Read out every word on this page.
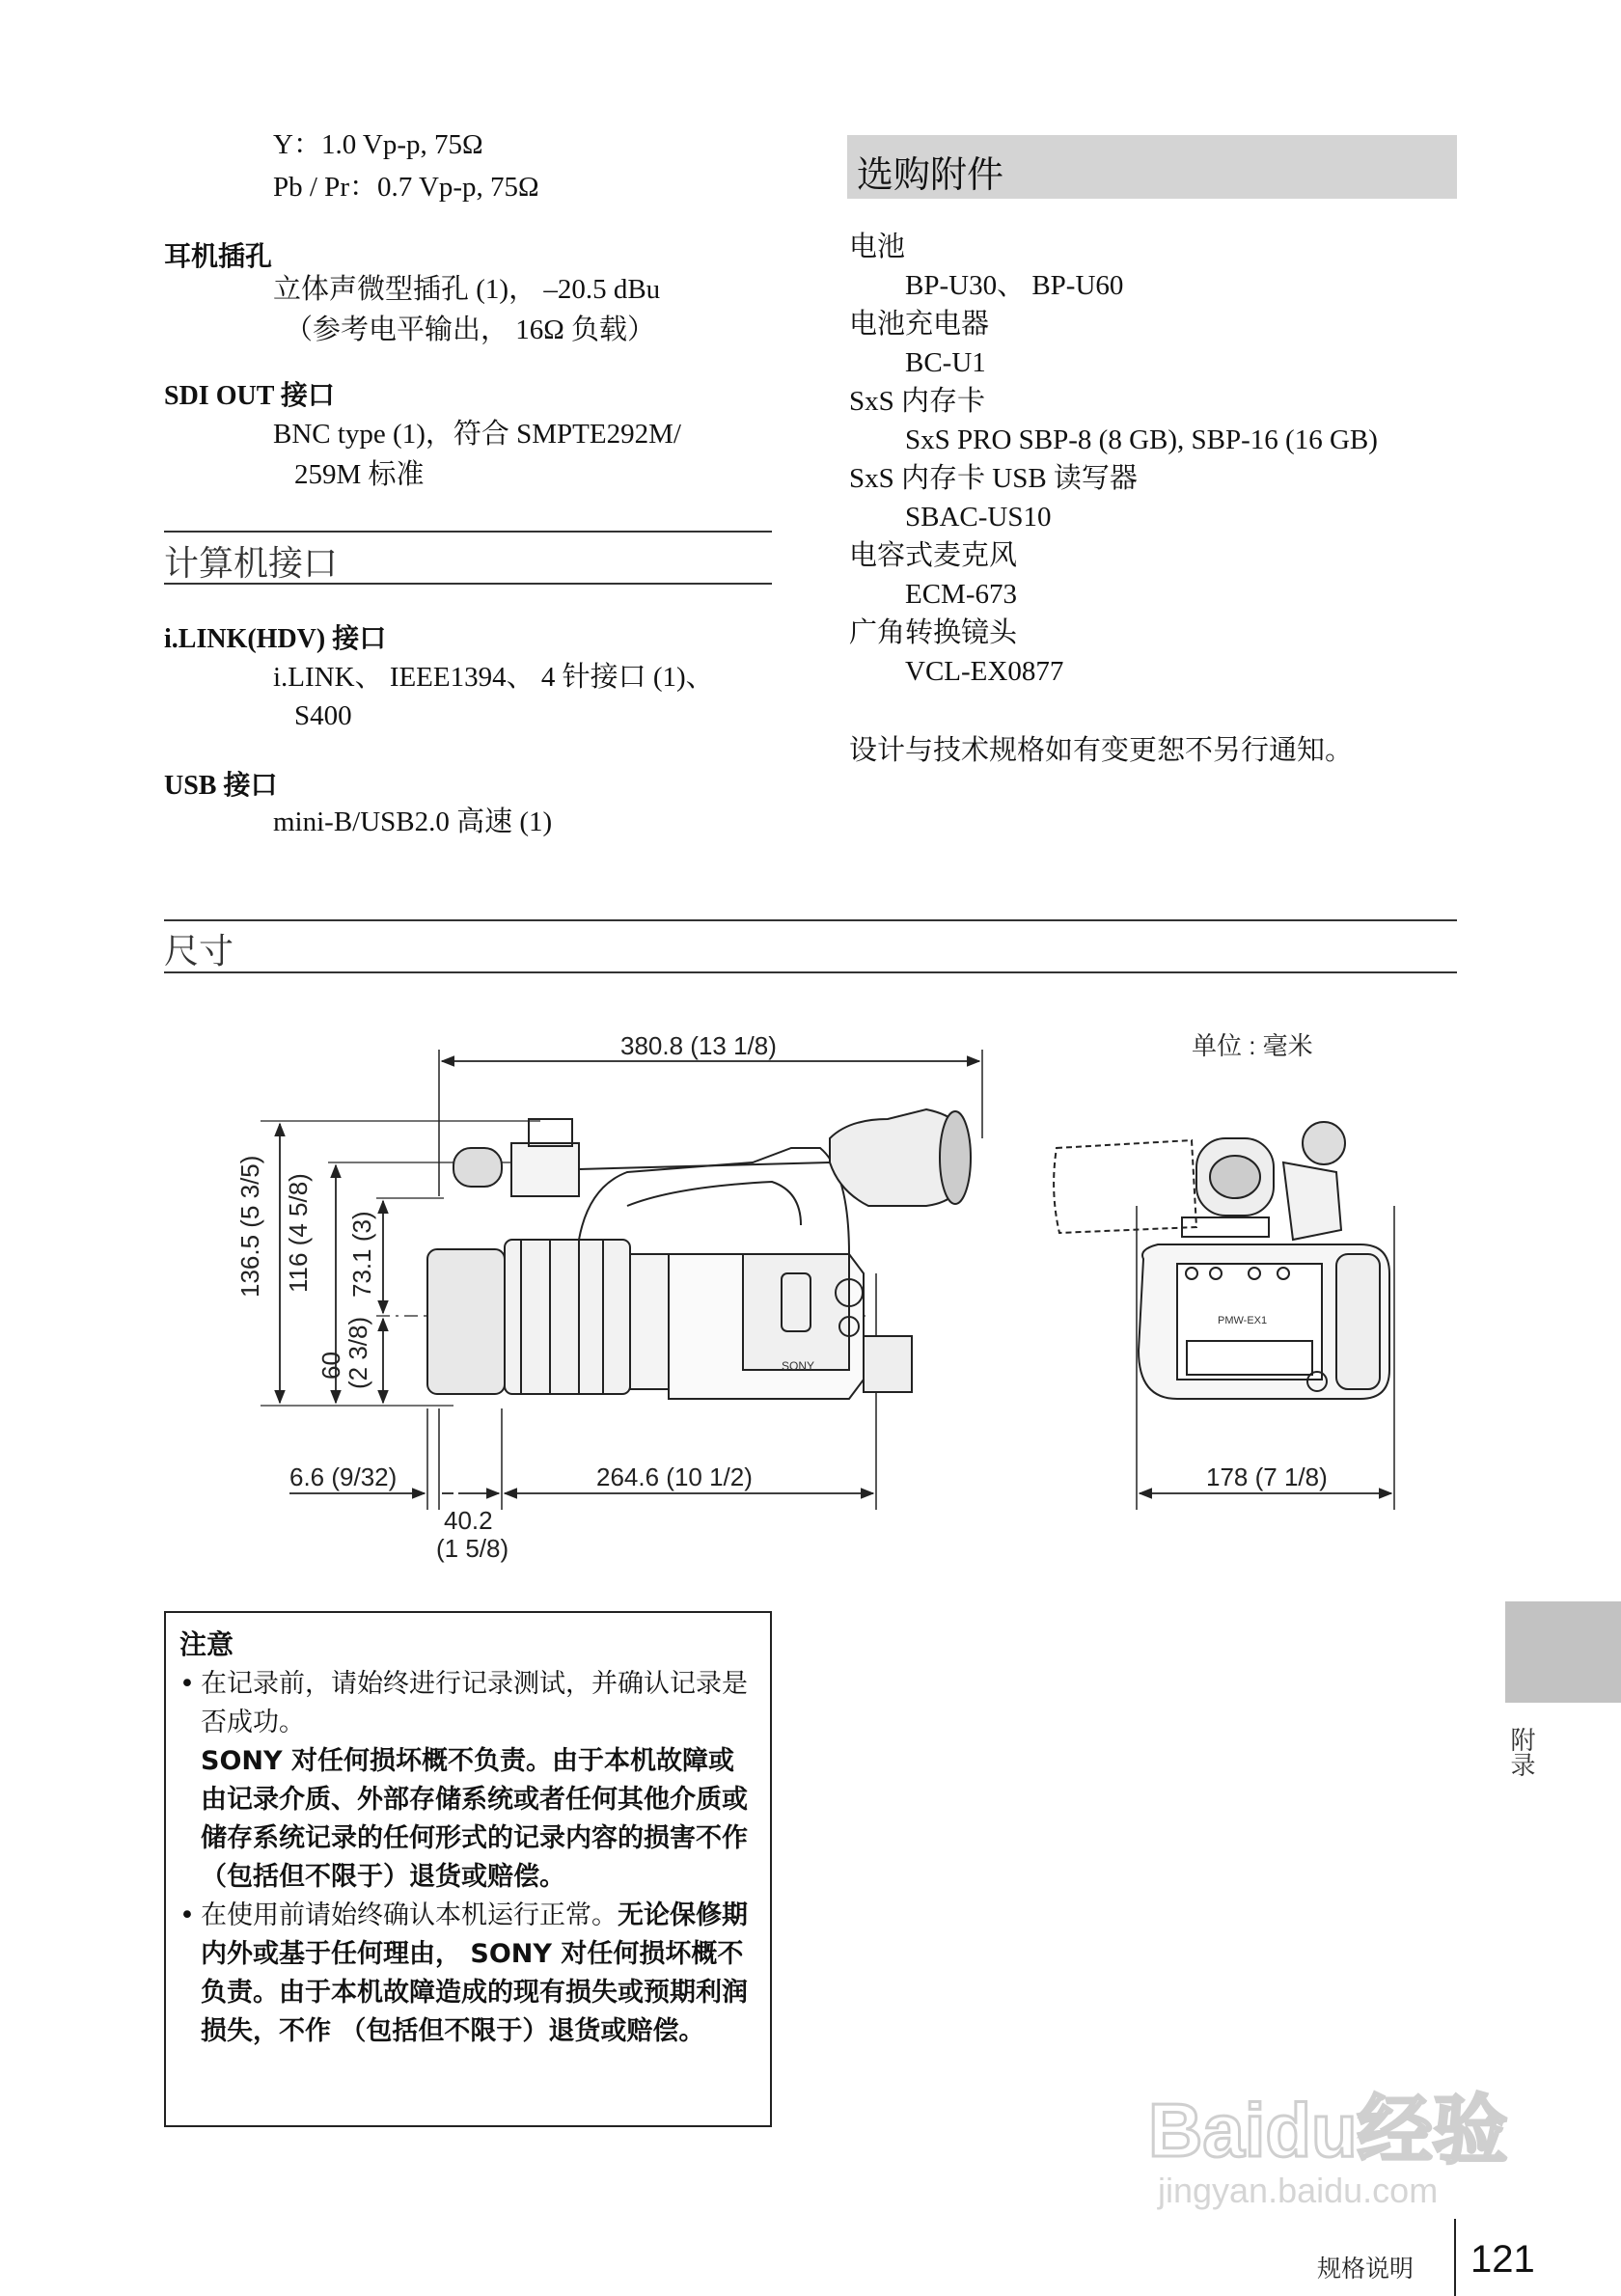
Y：1.0 Vp-p, 75Ω
Pb / Pr：0.7 Vp-p, 75Ω
耳机插孔
立体声微型插孔 (1)， –20.5 dBu
（参考电平输出， 16Ω 负载）
SDI OUT 接口
BNC type (1)，符合 SMPTE292M/
259M 标准
计算机接口
i.LINK(HDV) 接口
i.LINK、 IEEE1394、 4 针接口 (1)、
S400
USB 接口
mini-B/USB2.0 高速 (1)
选购附件
电池
BP-U30、 BP-U60
电池充电器
BC-U1
SxS 内存卡
SxS PRO SBP-8 (8 GB), SBP-16 (16 GB)
SxS 内存卡 USB 读写器
SBAC-US10
电容式麦克风
ECM-673
广角转换镜头
VCL-EX0877
设计与技术规格如有变更恕不另行通知。
尺寸
单位 : 毫米
380.8 (13 1/8)
136.5 (5 3/5) 116 (4 5/8) 73.1 (3)
60
(2 3/8)
6.6 (9/32)	264.6 (10 1/2)
40.2
(1 5/8)
178 (7 1/8)
SONY
PMW-EX1
注意
• 在记录前，请始终进行记录测试，并确认记录是否成功。
SONY 对任何损坏概不负责。由于本机故障或由记录介质、外部存储系统或者任何其他介质或储存系统记录的任何形式的记录内容的损害不作 （包括但不限于）退货或赔偿。
• 在使用前请始终确认本机运行正常。无论保修期内外或基于任何理由， SONY 对任何损坏概不负责。由于本机故障造成的现有损失或预期利润损失，不作 （包括但不限于）退货或赔偿。
附录
Baidu经验
jingyan.baidu.com
规格说明 121
